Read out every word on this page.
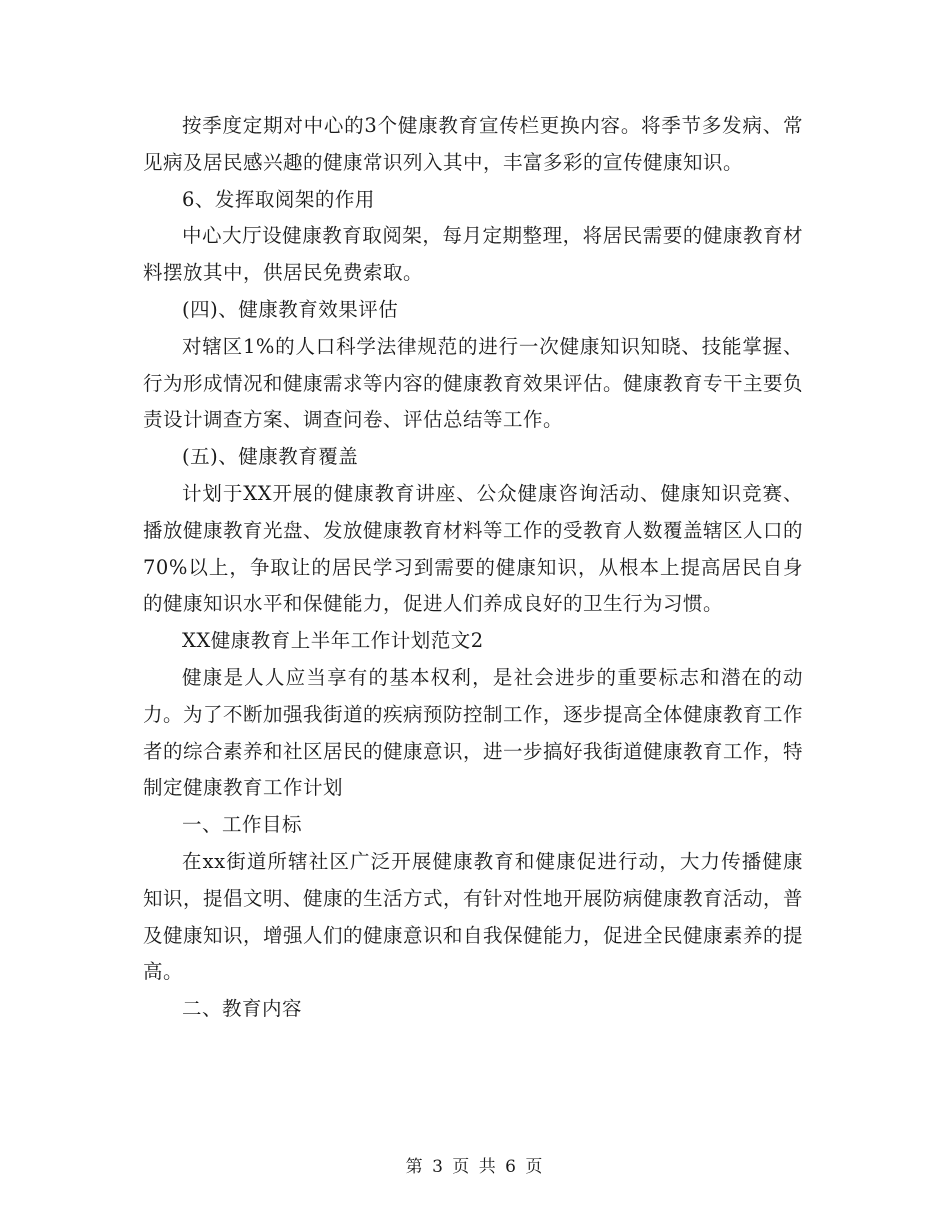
按季度定期对中心的3个健康教育宣传栏更换内容。将季节多发病、常见病及居民感兴趣的健康常识列入其中，丰富多彩的宣传健康知识。

6、发挥取阅架的作用

中心大厅设健康教育取阅架，每月定期整理，将居民需要的健康教育材料摆放其中，供居民免费索取。

(四)、健康教育效果评估

对辖区1%的人口科学法律规范的进行一次健康知识知晓、技能掌握、行为形成情况和健康需求等内容的健康教育效果评估。健康教育专干主要负责设计调查方案、调查问卷、评估总结等工作。

(五)、健康教育覆盖

计划于XX开展的健康教育讲座、公众健康咨询活动、健康知识竞赛、播放健康教育光盘、发放健康教育材料等工作的受教育人数覆盖辖区人口的70%以上，争取让的居民学习到需要的健康知识，从根本上提高居民自身的健康知识水平和保健能力，促进人们养成良好的卫生行为习惯。

XX健康教育上半年工作计划范文2

健康是人人应当享有的基本权利，是社会进步的重要标志和潜在的动力。为了不断加强我街道的疾病预防控制工作，逐步提高全体健康教育工作者的综合素养和社区居民的健康意识，进一步搞好我街道健康教育工作，特制定健康教育工作计划

一、工作目标

在xx街道所辖社区广泛开展健康教育和健康促进行动，大力传播健康知识，提倡文明、健康的生活方式，有针对性地开展防病健康教育活动，普及健康知识，增强人们的健康意识和自我保健能力，促进全民健康素养的提高。

二、教育内容

第 3 页 共 6 页
